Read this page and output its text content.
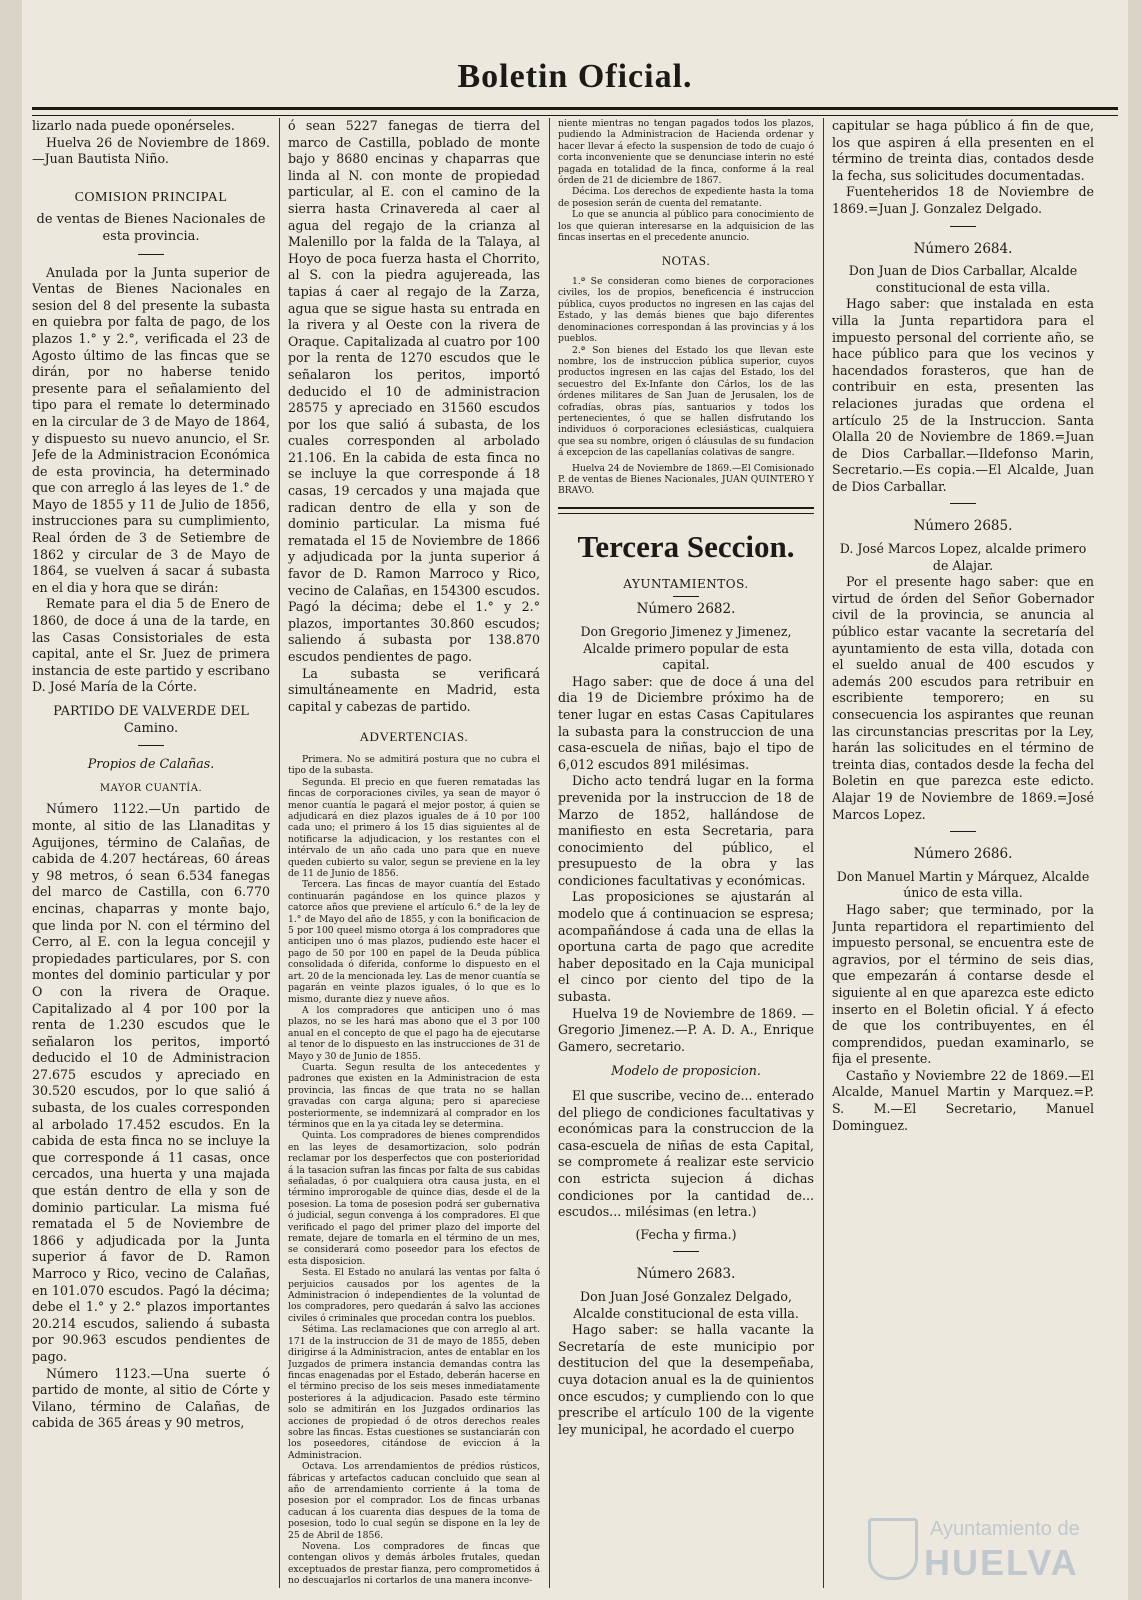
Boletin Oficial.

lizarlo nada puede oponérseles.

Huelva 26 de Noviembre de 1869.—Juan Bautista Niño.

COMISION PRINCIPAL

de ventas de Bienes Nacionales de esta provincia.

Anulada por la Junta superior de Ventas de Bienes Nacionales en sesion del 8 del presente la subasta en quiebra por falta de pago, de los plazos 1.° y 2.°, verificada el 23 de Agosto último de las fincas que se dirán, por no haberse tenido presente para el señalamiento del tipo para el remate lo determinado en la circular de 3 de Mayo de 1864, y dispuesto su nuevo anuncio, el Sr. Jefe de la Administracion Económica de esta provincia, ha determinado que con arreglo á las leyes de 1.° de Mayo de 1855 y 11 de Julio de 1856, instrucciones para su cumplimiento, Real órden de 3 de Setiembre de 1862 y circular de 3 de Mayo de 1864, se vuelven á sacar á subasta en el dia y hora que se dirán:

Remate para el dia 5 de Enero de 1860, de doce á una de la tarde, en las Casas Consistoriales de esta capital, ante el Sr. Juez de primera instancia de este partido y escribano D. José María de la Córte.

PARTIDO DE VALVERDE DEL Camino.

Propios de Calañas.

MAYOR CUANTÍA.

Número 1122.—Un partido de monte, al sitio de las Llanaditas y Aguijones, término de Calañas, de cabida de 4.207 hectáreas, 60 áreas y 98 metros, ó sean 6.534 fanegas del marco de Castilla, con 6.770 encinas, chaparras y monte bajo, que linda por N. con el término del Cerro, al E. con la legua concejil y propiedades particulares, por S. con montes del dominio particular y por O con la rivera de Oraque. Capitalizado al 4 por 100 por la renta de 1.230 escudos que le señalaron los peritos, importó deducido el 10 de Administracion 27.675 escudos y apreciado en 30.520 escudos, por lo que salió á subasta, de los cuales corresponden al arbolado 17.452 escudos. En la cabida de esta finca no se incluye la que corresponde á 11 casas, once cercados, una huerta y una majada que están dentro de ella y son de dominio particular. La misma fué rematada el 5 de Noviembre de 1866 y adjudicada por la Junta superior á favor de D. Ramon Marroco y Rico, vecino de Calañas, en 101.070 escudos. Pagó la décima; debe el 1.° y 2.° plazos importantes 20.214 escudos, saliendo á subasta por 90.963 escudos pendientes de pago.

Número 1123.—Una suerte ó partido de monte, al sitio de Córte y Vilano, término de Calañas, de cabida de 365 áreas y 90 metros,

ó sean 5227 fanegas de tierra del marco de Castilla, poblado de monte bajo y 8680 encinas y chaparras que linda al N. con monte de propiedad particular, al E. con el camino de la sierra hasta Crinavereda al caer al agua del regajo de la crianza al Malenillo por la falda de la Talaya, al Hoyo de poca fuerza hasta el Chorrito, al S. con la piedra agujereada, las tapias á caer al regajo de la Zarza, agua que se sigue hasta su entrada en la rivera y al Oeste con la rivera de Oraque. Capitalizada al cuatro por 100 por la renta de 1270 escudos que le señalaron los peritos, importó deducido el 10 de administracion 28575 y apreciado en 31560 escudos por los que salió á subasta, de los cuales corresponden al arbolado 21.106. En la cabida de esta finca no se incluye la que corresponde á 18 casas, 19 cercados y una majada que radican dentro de ella y son de dominio particular. La misma fué rematada el 15 de Noviembre de 1866 y adjudicada por la junta superior á favor de D. Ramon Marroco y Rico, vecino de Calañas, en 154300 escudos. Pagó la décima; debe el 1.° y 2.° plazos, importantes 30.860 escudos; saliendo á subasta por 138.870 escudos pendientes de pago.

La subasta se verificará simultáneamente en Madrid, esta capital y cabezas de partido.

ADVERTENCIAS.

Primera. No se admitirá postura que no cubra el tipo de la subasta.

Segunda. El precio en que fueren rematadas las fincas de corporaciones civiles, ya sean de mayor ó menor cuantía le pagará el mejor postor, á quien se adjudicará en diez plazos iguales de á 10 por 100 cada uno; el primero á los 15 dias siguientes al de notificarse la adjudicacion, y los restantes con el intérvalo de un año cada uno para que en nueve queden cubierto su valor, segun se previene en la ley de 11 de Junio de 1856.

Tercera. Las fincas de mayor cuantía del Estado continuarán pagándose en los quince plazos y catorce años que previene el artículo 6.° de la ley de 1.° de Mayo del año de 1855, y con la bonificacion de 5 por 100 queel mismo otorga á los compradores que anticipen uno ó mas plazos, pudiendo este hacer el pago de 50 por 100 en papel de la Deuda pública consolidada ó diferida, conforme lo dispuesto en el art. 20 de la mencionada ley. Las de menor cuantía se pagarán en veinte plazos iguales, ó lo que es lo mismo, durante diez y nueve años.

A los compradores que anticipen uno ó mas plazos, no se les hará mas abono que el 3 por 100 anual en el concepto de que el pago ha de ejecutarse al tenor de lo dispuesto en las instrucciones de 31 de Mayo y 30 de Junio de 1855.

Cuarta. Segun resulta de los antecedentes y padrones que existen en la Administracion de esta provincia, las fincas de que trata no se hallan gravadas con carga alguna; pero si apareciese posteriormente, se indemnizará al comprador en los términos que en la ya citada ley se determina.

Quinta. Los compradores de bienes comprendidos en las leyes de desamortizacion, solo podrán reclamar por los desperfectos que con posterioridad á la tasacion sufran las fincas por falta de sus cabidas señaladas, ó por cualquiera otra causa justa, en el término improrogable de quince dias, desde el de la posesion. La toma de posesion podrá ser gubernativa ó judicial, segun convenga á los compradores. El que verificado el pago del primer plazo del importe del remate, dejare de tomarla en el término de un mes, se considerará como poseedor para los efectos de esta disposicion.

Sesta. El Estado no anulará las ventas por falta ó perjuicios causados por los agentes de la Administracion ó independientes de la voluntad de los compradores, pero quedarán á salvo las acciones civiles ó criminales que procedan contra los pueblos.

Sétima. Las reclamaciones que con arreglo al art. 171 de la instruccion de 31 de mayo de 1855, deben dirigirse á la Administracion, antes de entablar en los Juzgados de primera instancia demandas contra las fincas enagenadas por el Estado, deberán hacerse en el término preciso de los seis meses inmediatamente posteriores á la adjudicacion. Pasado este término solo se admitirán en los Juzgados ordinarios las acciones de propiedad ó de otros derechos reales sobre las fincas. Estas cuestiones se sustanciarán con los poseedores, citándose de eviccion á la Administracion.

Octava. Los arrendamientos de prédios rústicos, fábricas y artefactos caducan concluido que sean al año de arrendamiento corriente á la toma de posesion por el comprador. Los de fincas urbanas caducan á los cuarenta dias despues de la toma de posesion, todo lo cual según se dispone en la ley de 25 de Abril de 1856.

Novena. Los compradores de fincas que contengan olivos y demás árboles frutales, quedan exceptuados de prestar fianza, pero comprometidos á no descuajarlos ni cortarlos de una manera inconve-

niente mientras no tengan pagados todos los plazos, pudiendo la Administracion de Hacienda ordenar y hacer llevar á efecto la suspension de todo de cuajo ó corta inconveniente que se denunciase interin no esté pagada en totalidad de la finca, conforme á la real órden de 21 de diciembre de 1867.

Décima. Los derechos de expediente hasta la toma de posesion serán de cuenta del rematante.

Lo que se anuncia al público para conocimiento de los que quieran interesarse en la adquisicion de las fincas insertas en el precedente anuncio.

NOTAS.

1.ª Se consideran como bienes de corporaciones civiles, los de propios, beneficencia é instruccion pública, cuyos productos no ingresen en las cajas del Estado, y las demás bienes que bajo diferentes denominaciones correspondan á las provincias y á los pueblos.

2.ª Son bienes del Estado los que llevan este nombre, los de instruccion pública superior, cuyos productos ingresen en las cajas del Estado, los del secuestro del Ex-Infante don Cárlos, los de las órdenes militares de San Juan de Jerusalen, los de cofradías, obras pías, santuarios y todos los pertenecientes, ó que se hallen disfrutando los individuos ó corporaciones eclesiásticas, cualquiera que sea su nombre, origen ó cláusulas de su fundacion á excepcion de las capellanías colativas de sangre.

Huelva 24 de Noviembre de 1869.—El Comisionado P. de ventas de Bienes Nacionales, JUAN QUINTERO Y BRAVO.

Tercera Seccion.

AYUNTAMIENTOS.

Número 2682.

Don Gregorio Jimenez y Jimenez, Alcalde primero popular de esta capital.

Hago saber: que de doce á una del dia 19 de Diciembre próximo ha de tener lugar en estas Casas Capitulares la subasta para la construccion de una casa-escuela de niñas, bajo el tipo de 6,012 escudos 891 milésimas.

Dicho acto tendrá lugar en la forma prevenida por la instruccion de 18 de Marzo de 1852, hallándose de manifiesto en esta Secretaria, para conocimiento del público, el presupuesto de la obra y las condiciones facultativas y económicas.

Las proposiciones se ajustarán al modelo que á continuacion se espresa; acompañándose á cada una de ellas la oportuna carta de pago que acredite haber depositado en la Caja municipal el cinco por ciento del tipo de la subasta.

Huelva 19 de Noviembre de 1869. —Gregorio Jimenez.—P. A. D. A., Enrique Gamero, secretario.

Modelo de proposicion.

El que suscribe, vecino de... enterado del pliego de condiciones facultativas y económicas para la construccion de la casa-escuela de niñas de esta Capital, se compromete á realizar este servicio con estricta sujecion á dichas condiciones por la cantidad de... escudos... milésimas (en letra.)

(Fecha y firma.)

Número 2683.

Don Juan José Gonzalez Delgado, Alcalde constitucional de esta villa.

Hago saber: se halla vacante la Secretaría de este municipio por destitucion del que la desempeñaba, cuya dotacion anual es la de quinientos once escudos; y cumpliendo con lo que prescribe el artículo 100 de la vigente ley municipal, he acordado el cuerpo

capitular se haga público á fin de que, los que aspiren á ella presenten en el término de treinta dias, contados desde la fecha, sus solicitudes documentadas.

Fuenteheridos 18 de Noviembre de 1869.=Juan J. Gonzalez Delgado.

Número 2684.

Don Juan de Dios Carballar, Alcalde constitucional de esta villa.

Hago saber: que instalada en esta villa la Junta repartidora para el impuesto personal del corriente año, se hace público para que los vecinos y hacendados forasteros, que han de contribuir en esta, presenten las relaciones juradas que ordena el artículo 25 de la Instruccion. Santa Olalla 20 de Noviembre de 1869.=Juan de Dios Carballar.—Ildefonso Marin, Secretario.—Es copia.—El Alcalde, Juan de Dios Carballar.

Número 2685.

D. José Marcos Lopez, alcalde primero de Alajar.

Por el presente hago saber: que en virtud de órden del Señor Gobernador civil de la provincia, se anuncia al público estar vacante la secretaría del ayuntamiento de esta villa, dotada con el sueldo anual de 400 escudos y además 200 escudos para retribuir en escribiente temporero; en su consecuencia los aspirantes que reunan las circunstancias prescritas por la Ley, harán las solicitudes en el término de treinta dias, contados desde la fecha del Boletin en que parezca este edicto. Alajar 19 de Noviembre de 1869.=José Marcos Lopez.

Número 2686.

Don Manuel Martin y Márquez, Alcalde único de esta villa.

Hago saber; que terminado, por la Junta repartidora el repartimiento del impuesto personal, se encuentra este de agravios, por el término de seis dias, que empezarán á contarse desde el siguiente al en que aparezca este edicto inserto en el Boletin oficial. Y á efecto de que los contribuyentes, en él comprendidos, puedan examinarlo, se fija el presente.

Castaño y Noviembre 22 de 1869.—El Alcalde, Manuel Martin y Marquez.=P. S. M.—El Secretario, Manuel Dominguez.

Ayuntamiento de
HUELVA
